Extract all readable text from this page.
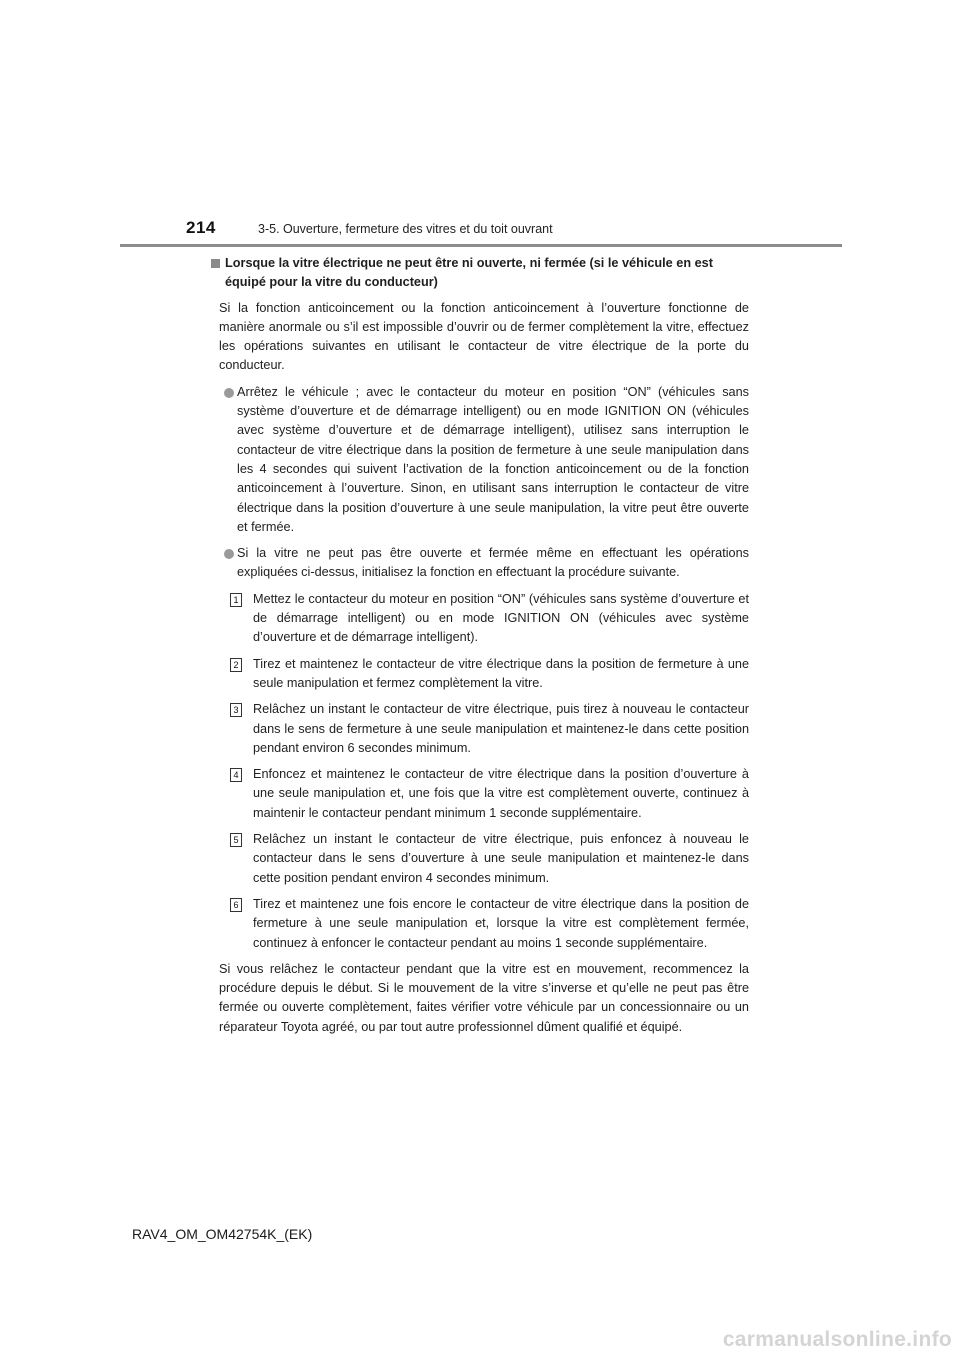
214	3-5. Ouverture, fermeture des vitres et du toit ouvrant
Lorsque la vitre électrique ne peut être ni ouverte, ni fermée (si le véhicule en est équipé pour la vitre du conducteur)

Si la fonction anticoincement ou la fonction anticoincement à l’ouverture fonctionne de manière anormale ou s’il est impossible d’ouvrir ou de fermer complètement la vitre, effectuez les opérations suivantes en utilisant le contacteur de vitre électrique de la porte du conducteur.

Arrêtez le véhicule ; avec le contacteur du moteur en position “ON” (véhicules sans système d’ouverture et de démarrage intelligent) ou en mode IGNITION ON (véhicules avec système d’ouverture et de démarrage intelligent), utilisez sans interruption le contacteur de vitre électrique dans la position de fermeture à une seule manipulation dans les 4 secondes qui suivent l’activation de la fonction anticoincement ou de la fonction anticoincement à l’ouverture. Sinon, en utilisant sans interruption le contacteur de vitre électrique dans la position d’ouverture à une seule manipulation, la vitre peut être ouverte et fermée.
Si la vitre ne peut pas être ouverte et fermée même en effectuant les opérations expliquées ci-dessus, initialisez la fonction en effectuant la procédure suivante.
1 Mettez le contacteur du moteur en position “ON” (véhicules sans système d’ouverture et de démarrage intelligent) ou en mode IGNITION ON (véhicules avec système d’ouverture et de démarrage intelligent).
2 Tirez et maintenez le contacteur de vitre électrique dans la position de fermeture à une seule manipulation et fermez complètement la vitre.
3 Relâchez un instant le contacteur de vitre électrique, puis tirez à nouveau le contacteur dans le sens de fermeture à une seule manipulation et maintenez-le dans cette position pendant environ 6 secondes minimum.
4 Enfoncez et maintenez le contacteur de vitre électrique dans la position d’ouverture à une seule manipulation et, une fois que la vitre est complètement ouverte, continuez à maintenir le contacteur pendant minimum 1 seconde supplémentaire.
5 Relâchez un instant le contacteur de vitre électrique, puis enfoncez à nouveau le contacteur dans le sens d’ouverture à une seule manipulation et maintenez-le dans cette position pendant environ 4 secondes minimum.
6 Tirez et maintenez une fois encore le contacteur de vitre électrique dans la position de fermeture à une seule manipulation et, lorsque la vitre est complètement fermée, continuez à enfoncer le contacteur pendant au moins 1 seconde supplémentaire.

Si vous relâchez le contacteur pendant que la vitre est en mouvement, recommencez la procédure depuis le début. Si le mouvement de la vitre s’inverse et qu’elle ne peut pas être fermée ou ouverte complètement, faites vérifier votre véhicule par un concessionnaire ou un réparateur Toyota agréé, ou par tout autre professionnel dûment qualifié et équipé.

RAV4_OM_OM42754K_(EK)
carmanualsonline.info
